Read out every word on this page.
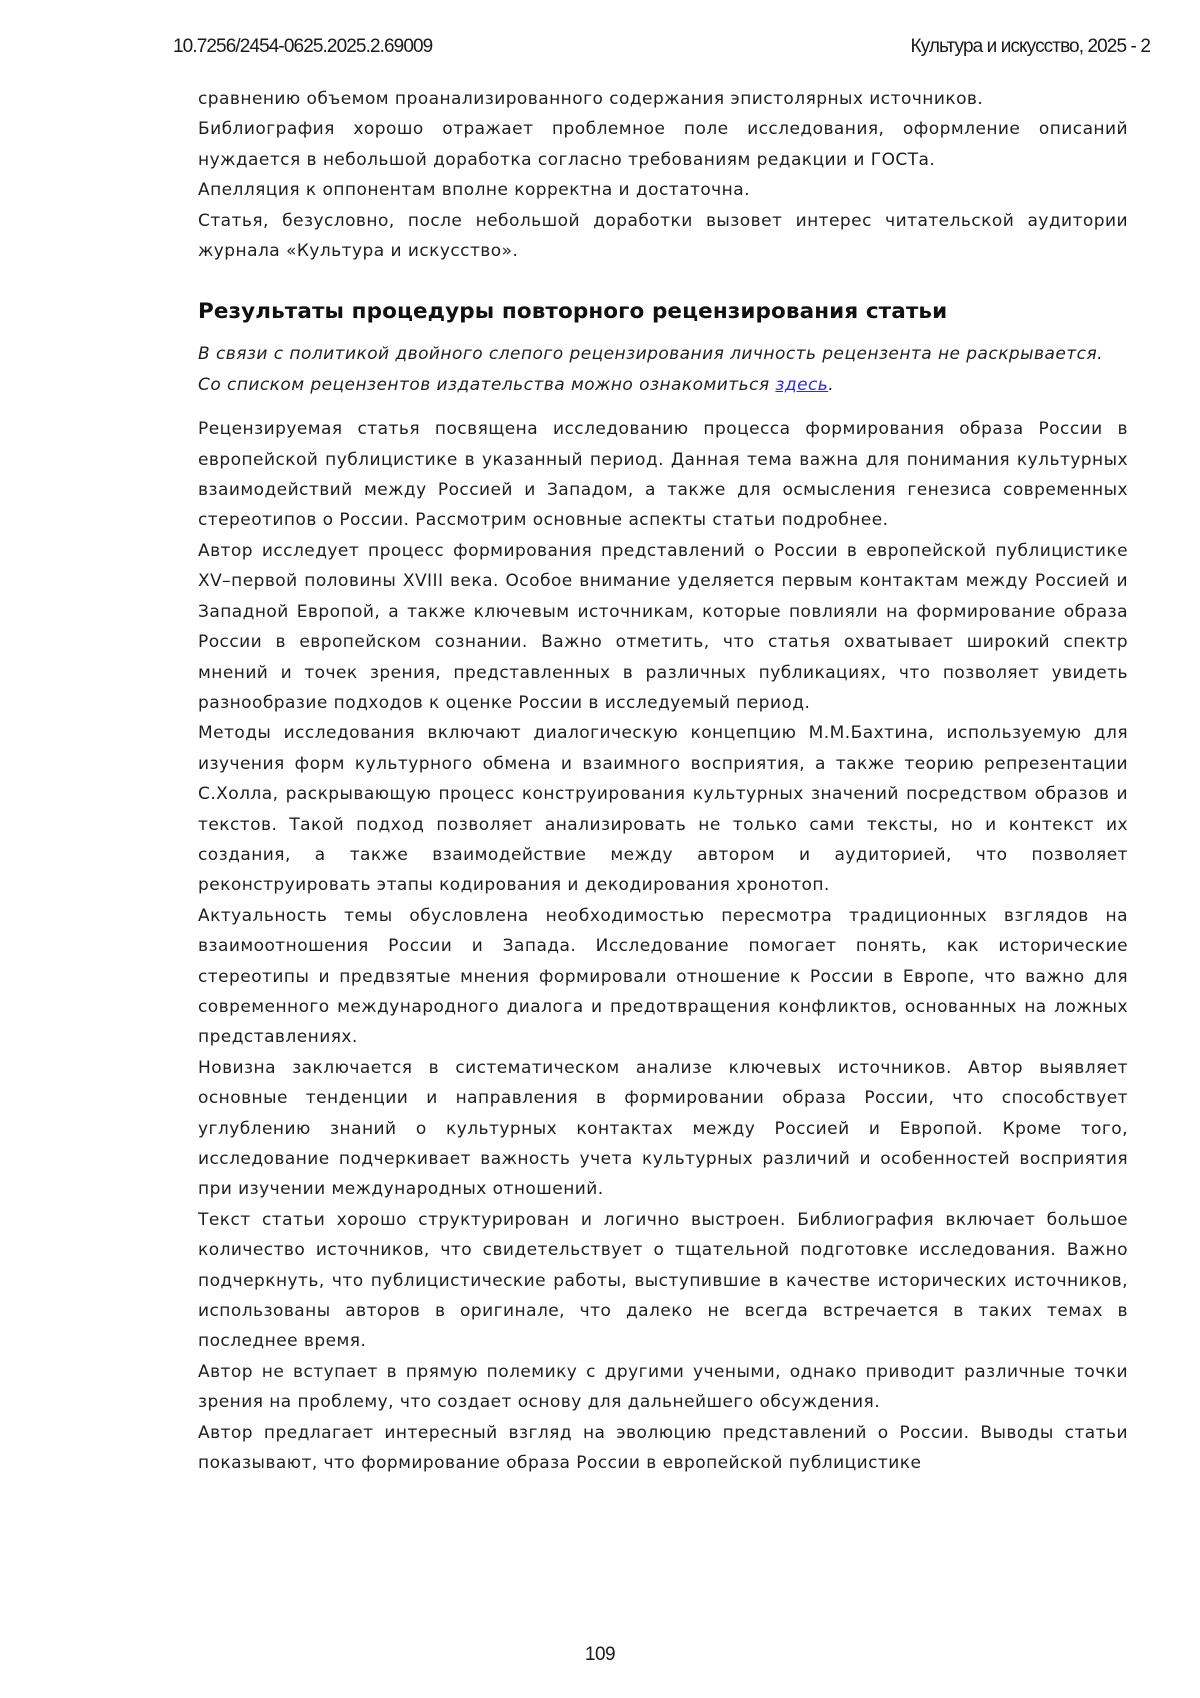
10.7256/2454-0625.2025.2.69009	Культура и искусство, 2025 - 2

сравнению объемом проанализированного содержания эпистолярных источников.

Библиография хорошо отражает проблемное поле исследования, оформление описаний нуждается в небольшой доработка согласно требованиям редакции и ГОСТа.

Апелляция к оппонентам вполне корректна и достаточна.

Статья, безусловно, после небольшой доработки вызовет интерес читательской аудитории журнала «Культура и искусство».

Результаты процедуры повторного рецензирования статьи

В связи с политикой двойного слепого рецензирования личность рецензента не раскрывается.

Со списком рецензентов издательства можно ознакомиться здесь.

Рецензируемая статья посвящена исследованию процесса формирования образа России в европейской публицистике в указанный период. Данная тема важна для понимания культурных взаимодействий между Россией и Западом, а также для осмысления генезиса современных стереотипов о России. Рассмотрим основные аспекты статьи подробнее.

Автор исследует процесс формирования представлений о России в европейской публицистике XV–первой половины XVIII века. Особое внимание уделяется первым контактам между Россией и Западной Европой, а также ключевым источникам, которые повлияли на формирование образа России в европейском сознании. Важно отметить, что статья охватывает широкий спектр мнений и точек зрения, представленных в различных публикациях, что позволяет увидеть разнообразие подходов к оценке России в исследуемый период.

Методы исследования включают диалогическую концепцию М.М.Бахтина, используемую для изучения форм культурного обмена и взаимного восприятия, а также теорию репрезентации С.Холла, раскрывающую процесс конструирования культурных значений посредством образов и текстов. Такой подход позволяет анализировать не только сами тексты, но и контекст их создания, а также взаимодействие между автором и аудиторией, что позволяет реконструировать этапы кодирования и декодирования хронотоп.

Актуальность темы обусловлена необходимостью пересмотра традиционных взглядов на взаимоотношения России и Запада. Исследование помогает понять, как исторические стереотипы и предвзятые мнения формировали отношение к России в Европе, что важно для современного международного диалога и предотвращения конфликтов, основанных на ложных представлениях.

Новизна заключается в систематическом анализе ключевых источников. Автор выявляет основные тенденции и направления в формировании образа России, что способствует углублению знаний о культурных контактах между Россией и Европой. Кроме того, исследование подчеркивает важность учета культурных различий и особенностей восприятия при изучении международных отношений.

Текст статьи хорошо структурирован и логично выстроен. Библиография включает большое количество источников, что свидетельствует о тщательной подготовке исследования. Важно подчеркнуть, что публицистические работы, выступившие в качестве исторических источников, использованы авторов в оригинале, что далеко не всегда встречается в таких темах в последнее время.

Автор не вступает в прямую полемику с другими учеными, однако приводит различные точки зрения на проблему, что создает основу для дальнейшего обсуждения.

Автор предлагает интересный взгляд на эволюцию представлений о России. Выводы статьи показывают, что формирование образа России в европейской публицистике

109
